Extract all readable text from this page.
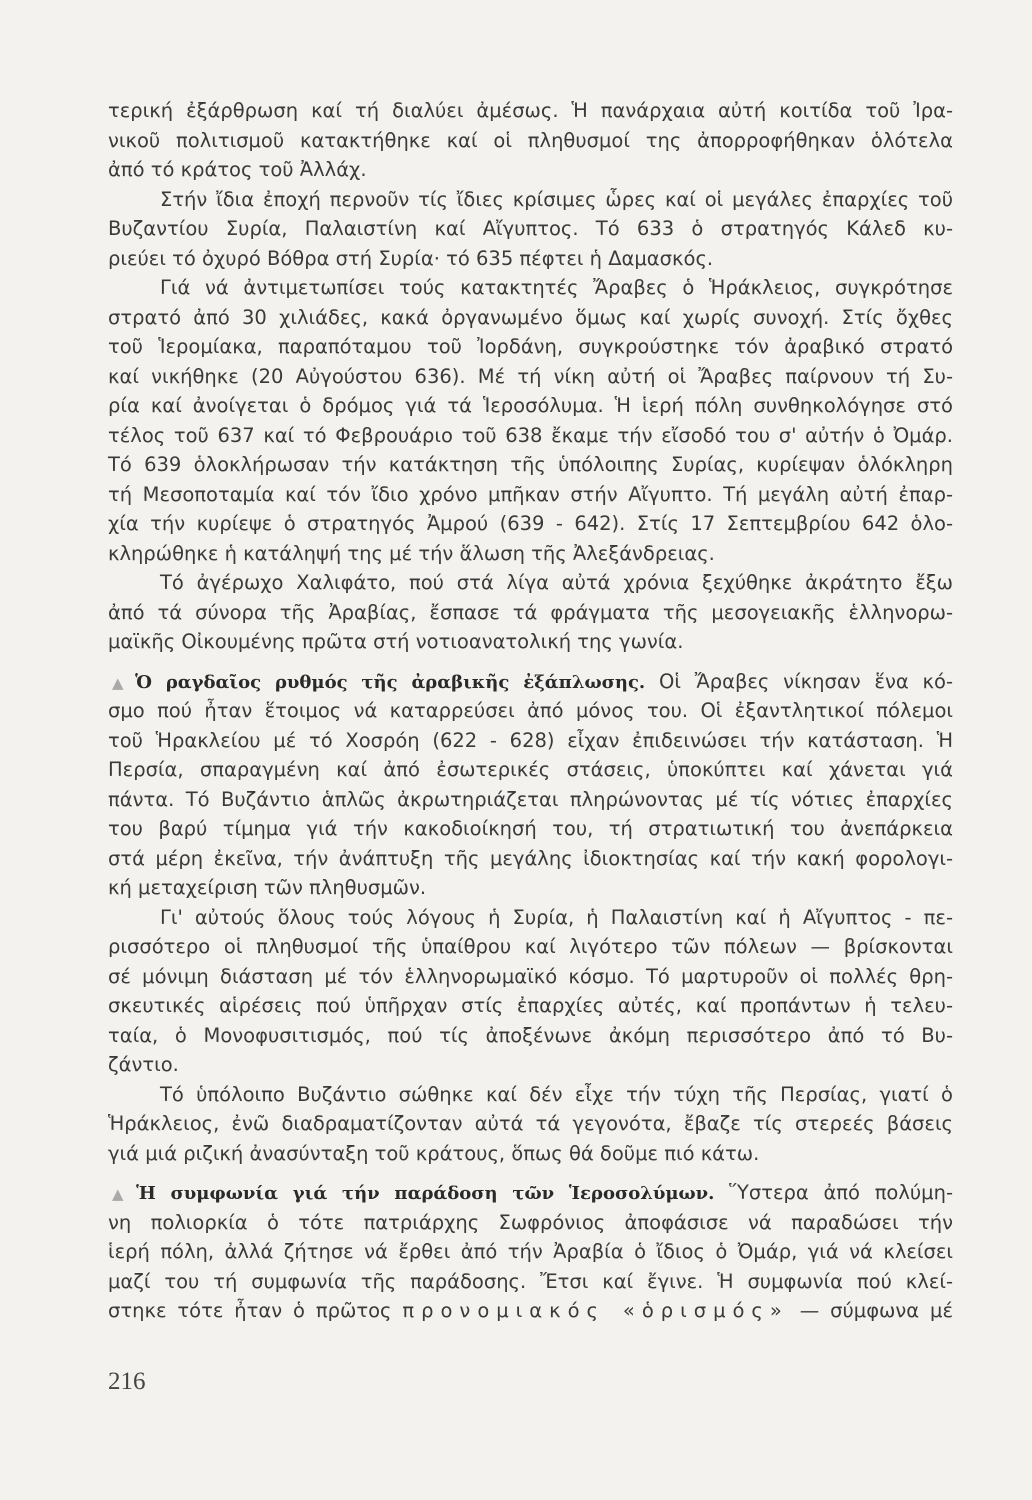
τερική ἐξάρθρωση καί τή διαλύει ἀμέσως. Ἡ πανάρχαια αὐτή κοιτίδα τοῦ Ἰρα-
νικοῦ πολιτισμοῦ κατακτήθηκε καί οἱ πληθυσμοί της ἀπορροφήθηκαν ὁλότελα
ἀπό τό κράτος τοῦ Ἀλλάχ.
Στήν ἴδια ἐποχή περνοῦν τίς ἴδιες κρίσιμες ὧρες καί οἱ μεγάλες ἐπαρχίες τοῦ
Βυζαντίου Συρία, Παλαιστίνη καί Αἴγυπτος. Τό 633 ὁ στρατηγός Κάλεδ κυ-
ριεύει τό ὀχυρό Βόθρα στή Συρία· τό 635 πέφτει ἡ Δαμασκός.
Γιά νά ἀντιμετωπίσει τούς κατακτητές Ἄραβες ὁ Ἡράκλειος, συγκρότησε
στρατό ἀπό 30 χιλιάδες, κακά ὀργανωμένο ὅμως καί χωρίς συνοχή. Στίς ὄχθες
τοῦ Ἱερομίακα, παραπόταμου τοῦ Ἰορδάνη, συγκρούστηκε τόν ἀραβικό στρατό
καί νικήθηκε (20 Αὐγούστου 636). Μέ τή νίκη αὐτή οἱ Ἄραβες παίρνουν τή Συ-
ρία καί ἀνοίγεται ὁ δρόμος γιά τά Ἱεροσόλυμα. Ἡ ἱερή πόλη συνθηκολόγησε στό
τέλος τοῦ 637 καί τό Φεβρουάριο τοῦ 638 ἔκαμε τήν εἴσοδό του σ' αὐτήν ὁ Ὀμάρ.
Τό 639 ὁλοκλήρωσαν τήν κατάκτηση τῆς ὑπόλοιπης Συρίας, κυρίεψαν ὁλόκληρη
τή Μεσοποταμία καί τόν ἴδιο χρόνο μπῆκαν στήν Αἴγυπτο. Τή μεγάλη αὐτή ἐπαρ-
χία τήν κυρίεψε ὁ στρατηγός Ἀμρού (639 - 642). Στίς 17 Σεπτεμβρίου 642 ὁλο-
κληρώθηκε ἡ κατάληψή της μέ τήν ἅλωση τῆς Ἀλεξάνδρειας.
Τό ἀγέρωχο Χαλιφάτο, πού στά λίγα αὐτά χρόνια ξεχύθηκε ἀκράτητο ἔξω
ἀπό τά σύνορα τῆς Ἀραβίας, ἔσπασε τά φράγματα τῆς μεσογειακῆς ἑλληνορω-
μαϊκῆς Οἰκουμένης πρῶτα στή νοτιοανατολική της γωνία.
▲ Ὁ ραγδαῖος ρυθμός τῆς ἀραβικῆς ἐξάπλωσης. Οἱ Ἄραβες νίκησαν ἕνα κό-
σμο πού ἦταν ἕτοιμος νά καταρρεύσει ἀπό μόνος του. Οἱ ἐξαντλητικοί πόλεμοι
τοῦ Ἡρακλείου μέ τό Χοσρόη (622 - 628) εἶχαν ἐπιδεινώσει τήν κατάσταση. Ἡ
Περσία, σπαραγμένη καί ἀπό ἐσωτερικές στάσεις, ὑποκύπτει καί χάνεται γιά
πάντα. Τό Βυζάντιο ἁπλῶς ἀκρωτηριάζεται πληρώνοντας μέ τίς νότιες ἐπαρχίες
του βαρύ τίμημα γιά τήν κακοδιοίκησή του, τή στρατιωτική του ἀνεπάρκεια
στά μέρη ἐκεῖνα, τήν ἀνάπτυξη τῆς μεγάλης ἰδιοκτησίας καί τήν κακή φορολογι-
κή μεταχείριση τῶν πληθυσμῶν.
Γι' αὐτούς ὅλους τούς λόγους ἡ Συρία, ἡ Παλαιστίνη καί ἡ Αἴγυπτος - πε-
ρισσότερο οἱ πληθυσμοί τῆς ὑπαίθρου καί λιγότερο τῶν πόλεων — βρίσκονται
σέ μόνιμη διάσταση μέ τόν ἑλληνορωμαϊκό κόσμο. Τό μαρτυροῦν οἱ πολλές θρη-
σκευτικές αἱρέσεις πού ὑπῆρχαν στίς ἐπαρχίες αὐτές, καί προπάντων ἡ τελευ-
ταία, ὁ Μονοφυσιτισμός, πού τίς ἀποξένωνε ἀκόμη περισσότερο ἀπό τό Βυ-
ζάντιο.
Τό ὑπόλοιπο Βυζάντιο σώθηκε καί δέν εἶχε τήν τύχη τῆς Περσίας, γιατί ὁ
Ἡράκλειος, ἐνῶ διαδραματίζονταν αὐτά τά γεγονότα, ἔβαζε τίς στερεές βάσεις
γιά μιά ριζική ἀνασύνταξη τοῦ κράτους, ὅπως θά δοῦμε πιό κάτω.
▲ Ἡ συμφωνία γιά τήν παράδοση τῶν Ἱεροσολύμων. Ὕστερα ἀπό πολύμη-
νη πολιορκία ὁ τότε πατριάρχης Σωφρόνιος ἀποφάσισε νά παραδώσει τήν
ἱερή πόλη, ἀλλά ζήτησε νά ἔρθει ἀπό τήν Ἀραβία ὁ ἴδιος ὁ Ὀμάρ, γιά νά κλείσει
μαζί του τή συμφωνία τῆς παράδοσης. Ἔτσι καί ἔγινε. Ἡ συμφωνία πού κλεί-
στηκε τότε ἦταν ὁ πρῶτος προνομιακός «ὁρισμός» — σύμφωνα μέ
216
